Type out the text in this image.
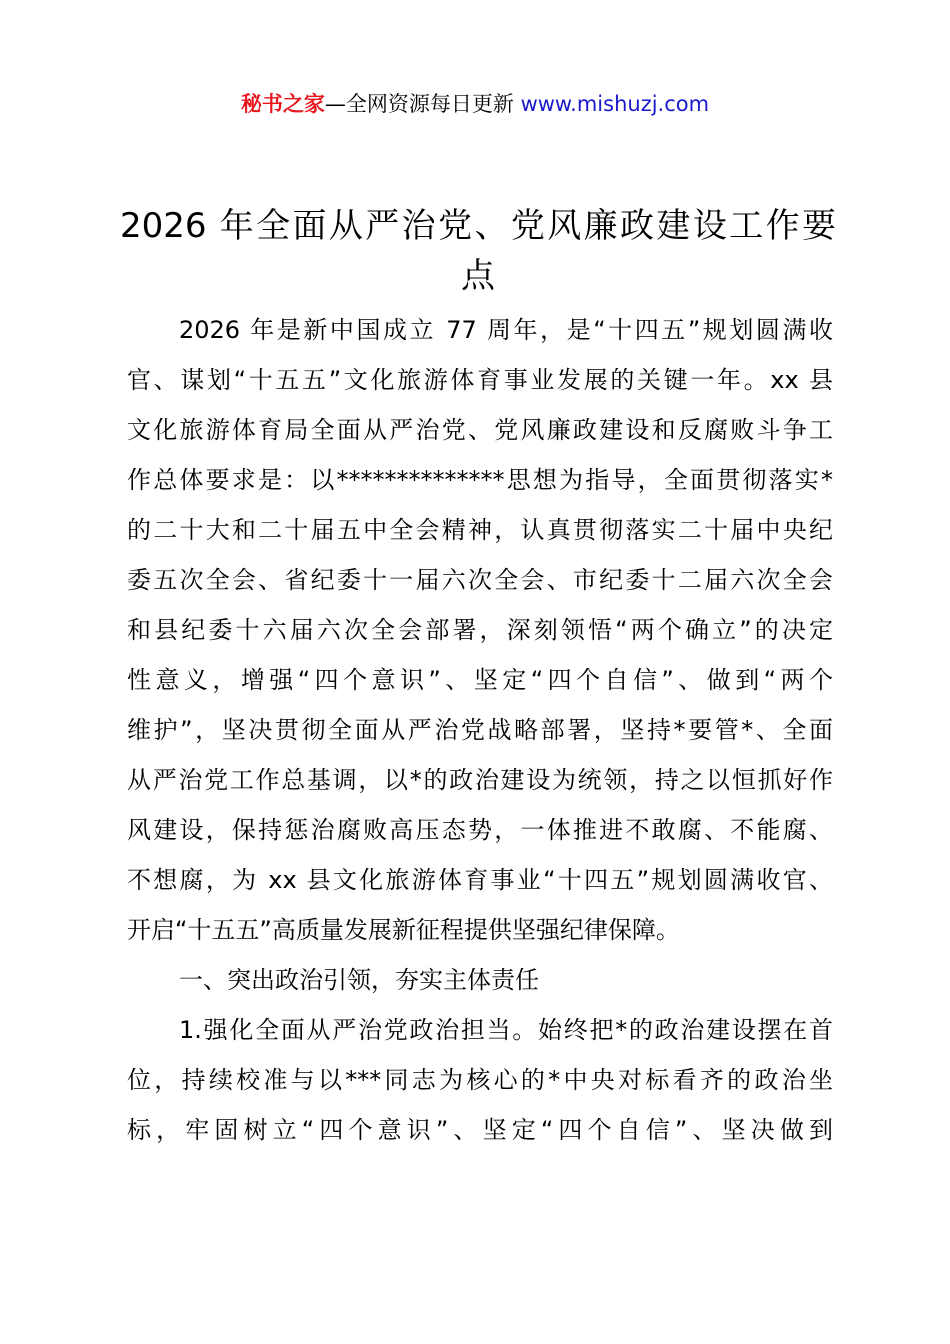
秘书之家—全网资源每日更新 www.mishuzj.com
2026 年全面从严治党、党风廉政建设工作要
点
2026 年是新中国成立 77 周年，是“十四五”规划圆满收
官、谋划“十五五”文化旅游体育事业发展的关键一年。xx 县
文化旅游体育局全面从严治党、党风廉政建设和反腐败斗争工
作总体要求是：以**************思想为指导，全面贯彻落实*
的二十大和二十届五中全会精神，认真贯彻落实二十届中央纪
委五次全会、省纪委十一届六次全会、市纪委十二届六次全会
和县纪委十六届六次全会部署，深刻领悟“两个确立”的决定
性意义，增强“四个意识”、坚定“四个自信”、做到“两个
维护”，坚决贯彻全面从严治党战略部署，坚持*要管*、全面
从严治党工作总基调，以*的政治建设为统领，持之以恒抓好作
风建设，保持惩治腐败高压态势，一体推进不敢腐、不能腐、
不想腐，为 xx 县文化旅游体育事业“十四五”规划圆满收官、
开启“十五五”高质量发展新征程提供坚强纪律保障。
一、突出政治引领，夯实主体责任
1.强化全面从严治党政治担当。始终把*的政治建设摆在首
位，持续校准与以***同志为核心的*中央对标看齐的政治坐
标，牢固树立“四个意识”、坚定“四个自信”、坚决做到
